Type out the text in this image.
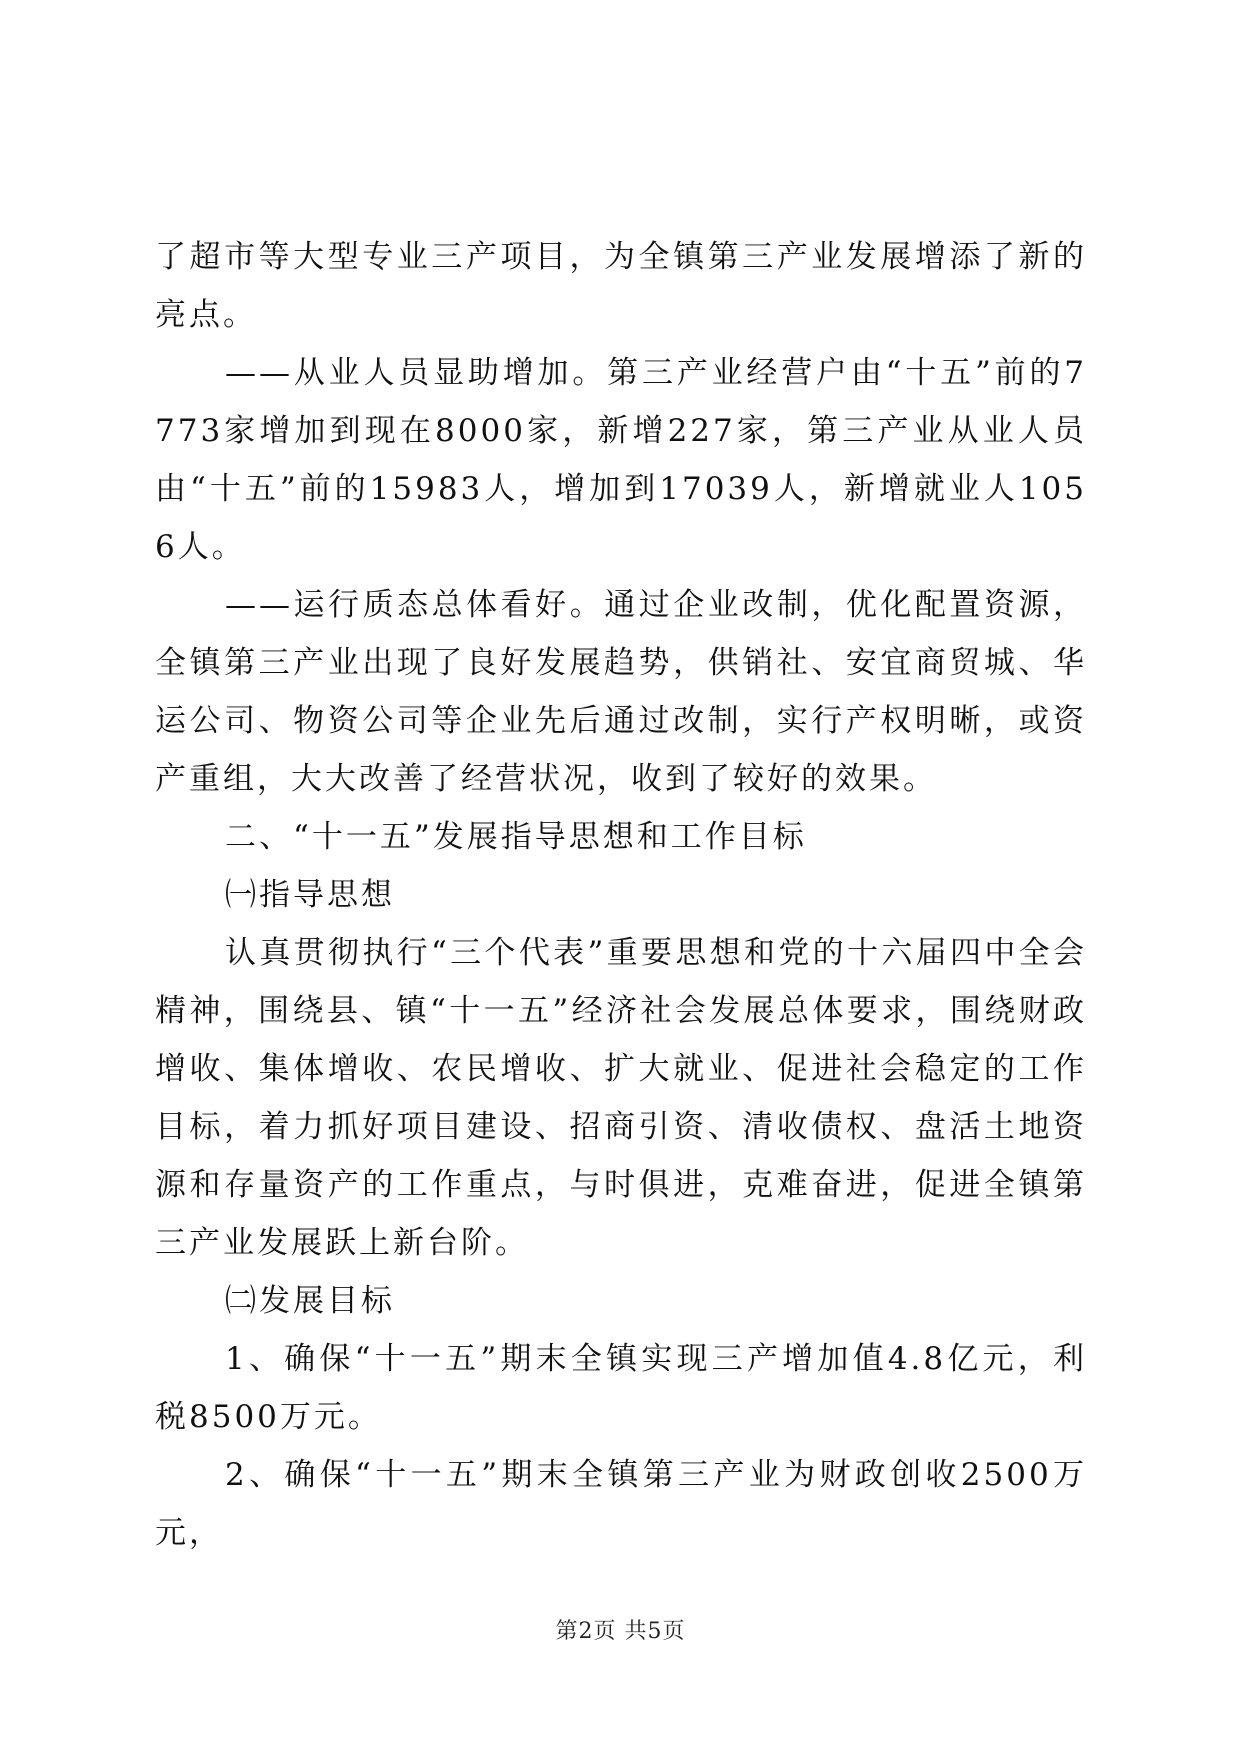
了超市等大型专业三产项目，为全镇第三产业发展增添了新的亮点。

——从业人员显助增加。第三产业经营户由“十五”前的7773家增加到现在8000家，新增227家，第三产业从业人员由“十五”前的15983人，增加到17039人，新增就业人1056人。

——运行质态总体看好。通过企业改制，优化配置资源，全镇第三产业出现了良好发展趋势，供销社、安宜商贸城、华运公司、物资公司等企业先后通过改制，实行产权明晰，或资产重组，大大改善了经营状况，收到了较好的效果。

二、“十一五”发展指导思想和工作目标

㈠指导思想

认真贯彻执行“三个代表”重要思想和党的十六届四中全会精神，围绕县、镇“十一五”经济社会发展总体要求，围绕财政增收、集体增收、农民增收、扩大就业、促进社会稳定的工作目标，着力抓好项目建设、招商引资、清收债权、盘活土地资源和存量资产的工作重点，与时俱进，克难奋进，促进全镇第三产业发展跃上新台阶。

㈡发展目标

1、确保“十一五”期末全镇实现三产增加值4.8亿元，利税8500万元。

2、确保“十一五”期末全镇第三产业为财政创收2500万元，

第2页 共5页
